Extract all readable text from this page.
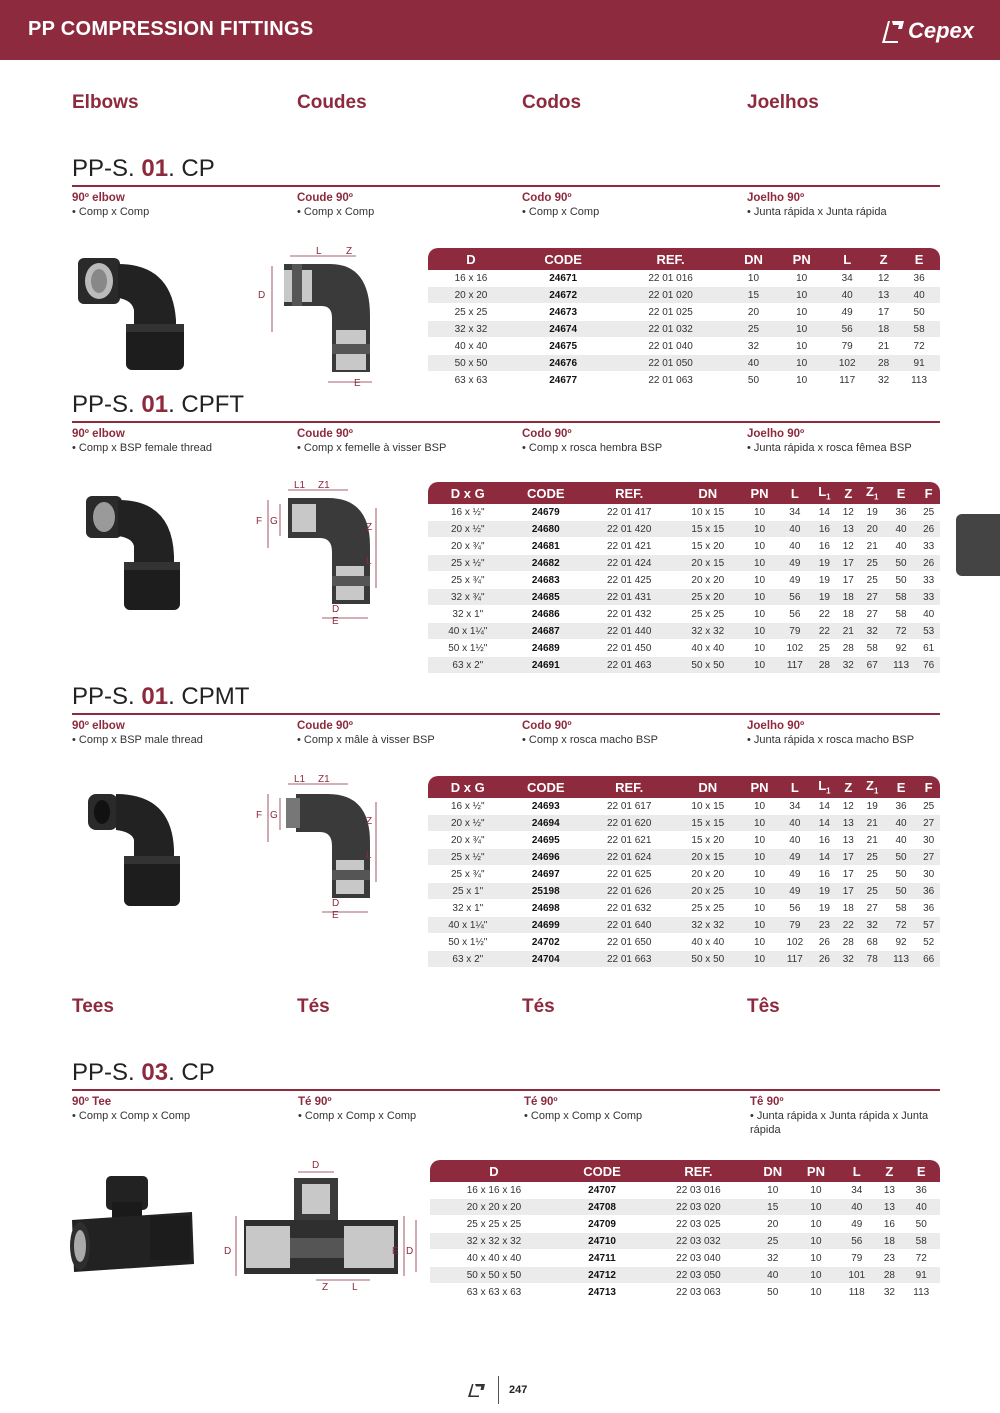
PP COMPRESSION FITTINGS	Cepex
Elbows	Coudes	Codos	Joelhos
PP-S. 01. CP
90º elbow
• Comp x Comp
Coude 90º
• Comp x Comp
Codo 90º
• Comp x Comp
Joelho 90º
• Junta rápida x Junta rápida
L Z
D
E
D	CODE	REF.	DN	PN	L	Z	E
16 x 16	24671	22 01 016	10	10	34	12	36
20 x 20	24672	22 01 020	15	10	40	13	40
25 x 25	24673	22 01 025	20	10	49	17	50
32 x 32	24674	22 01 032	25	10	56	18	58
40 x 40	24675	22 01 040	32	10	79	21	72
50 x 50	24676	22 01 050	40	10	102	28	91
63 x 63	24677	22 01 063	50	10	117	32	113
PP-S. 01. CPFT
90º elbow
• Comp x BSP female thread
Coude 90º
• Comp x femelle à visser BSP
Codo 90º
• Comp x rosca hembra BSP
Joelho 90º
• Junta rápida x rosca fêmea BSP
L1 Z1
F G
Z
L
D
E
D x G	CODE	REF.	DN	PN	L	$L_1$	Z	$Z_1$	E	F
16 x ½"	24679	22 01 417	10 x 15	10	34	14	12	19	36	25
20 x ½"	24680	22 01 420	15 x 15	10	40	16	13	20	40	26
20 x ¾"	24681	22 01 421	15 x 20	10	40	16	12	21	40	33
25 x ½"	24682	22 01 424	20 x 15	10	49	19	17	25	50	26
25 x ¾"	24683	22 01 425	20 x 20	10	49	19	17	25	50	33
32 x ¾"	24685	22 01 431	25 x 20	10	56	19	18	27	58	33
32 x 1"	24686	22 01 432	25 x 25	10	56	22	18	27	58	40
40 x 1¼"	24687	22 01 440	32 x 32	10	79	22	21	32	72	53
50 x 1½"	24689	22 01 450	40 x 40	10	102	25	28	58	92	61
63 x 2"	24691	22 01 463	50 x 50	10	117	28	32	67	113	76
PP-S. 01. CPMT
90º elbow
• Comp x BSP male thread
Coude 90º
• Comp x mâle à visser BSP
Codo 90º
• Comp x rosca macho BSP
Joelho 90º
• Junta rápida x rosca macho BSP
L1 Z1
F G
Z
L
D
E
D x G	CODE	REF.	DN	PN	L	$L_1$	Z	$Z_1$	E	F
16 x ½"	24693	22 01 617	10 x 15	10	34	14	12	19	36	25
20 x ½"	24694	22 01 620	15 x 15	10	40	14	13	21	40	27
20 x ¾"	24695	22 01 621	15 x 20	10	40	16	13	21	40	30
25 x ½"	24696	22 01 624	20 x 15	10	49	14	17	25	50	27
25 x ¾"	24697	22 01 625	20 x 20	10	49	16	17	25	50	30
25 x 1"	25198	22 01 626	20 x 25	10	49	19	17	25	50	36
32 x 1"	24698	22 01 632	25 x 25	10	56	19	18	27	58	36
40 x 1¼"	24699	22 01 640	32 x 32	10	79	23	22	32	72	57
50 x 1½"	24702	22 01 650	40 x 40	10	102	26	28	68	92	52
63 x 2"	24704	22 01 663	50 x 50	10	117	26	32	78	113	66
Tees	Tés	Tés	Tês
PP-S. 03. CP
90º Tee
• Comp x Comp x Comp
Té 90º
• Comp x Comp x Comp
Té 90º
• Comp x Comp x Comp
Tê 90º
• Junta rápida x Junta rápida x Junta rápida
D
D	E D
Z L
D	CODE	REF.	DN	PN	L	Z	E
16 x 16 x 16	24707	22 03 016	10	10	34	13	36
20 x 20 x 20	24708	22 03 020	15	10	40	13	40
25 x 25 x 25	24709	22 03 025	20	10	49	16	50
32 x 32 x 32	24710	22 03 032	25	10	56	18	58
40 x 40 x 40	24711	22 03 040	32	10	79	23	72
50 x 50 x 50	24712	22 03 050	40	10	101	28	91
63 x 63 x 63	24713	22 03 063	50	10	118	32	113
247
